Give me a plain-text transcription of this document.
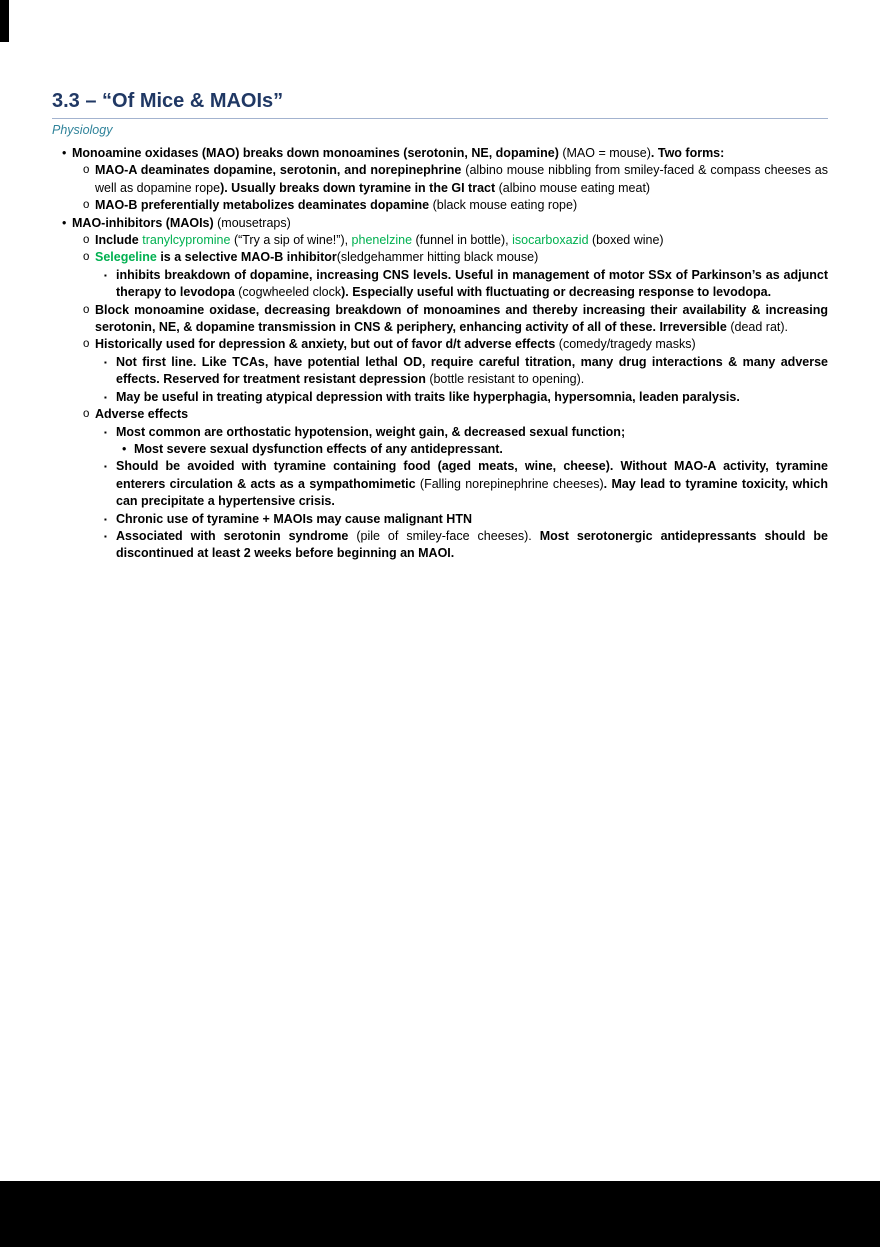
3.3 – “Of Mice & MAOIs”
Physiology
• Monoamine oxidases (MAO) breaks down monoamines (serotonin, NE, dopamine) (MAO = mouse). Two forms:
o MAO-A deaminates dopamine, serotonin, and norepinephrine (albino mouse nibbling from smiley-faced & compass cheeses as well as dopamine rope). Usually breaks down tyramine in the GI tract (albino mouse eating meat)
o MAO-B preferentially metabolizes deaminates dopamine (black mouse eating rope)
• MAO-inhibitors (MAOIs) (mousetraps)
o Include tranylcypromine (“Try a sip of wine!”), phenelzine (funnel in bottle), isocarboxazid (boxed wine)
o Selegeline is a selective MAO-B inhibitor(sledgehammer hitting black mouse)
▪ inhibits breakdown of dopamine, increasing CNS levels. Useful in management of motor SSx of Parkinson’s as adjunct therapy to levodopa (cogwheeled clock). Especially useful with fluctuating or decreasing response to levodopa.
o Block monoamine oxidase, decreasing breakdown of monoamines and thereby increasing their availability & increasing serotonin, NE, & dopamine transmission in CNS & periphery, enhancing activity of all of these. Irreversible (dead rat).
o Historically used for depression & anxiety, but out of favor d/t adverse effects (comedy/tragedy masks)
▪ Not first line. Like TCAs, have potential lethal OD, require careful titration, many drug interactions & many adverse effects. Reserved for treatment resistant depression (bottle resistant to opening).
▪ May be useful in treating atypical depression with traits like hyperphagia, hypersomnia, leaden paralysis.
o Adverse effects
▪ Most common are orthostatic hypotension, weight gain, & decreased sexual function;
• Most severe sexual dysfunction effects of any antidepressant.
▪ Should be avoided with tyramine containing food (aged meats, wine, cheese). Without MAO-A activity, tyramine enterers circulation & acts as a sympathomimetic (Falling norepinephrine cheeses). May lead to tyramine toxicity, which can precipitate a hypertensive crisis.
▪ Chronic use of tyramine + MAOIs may cause malignant HTN
▪ Associated with serotonin syndrome (pile of smiley-face cheeses). Most serotonergic antidepressants should be discontinued at least 2 weeks before beginning an MAOI.
